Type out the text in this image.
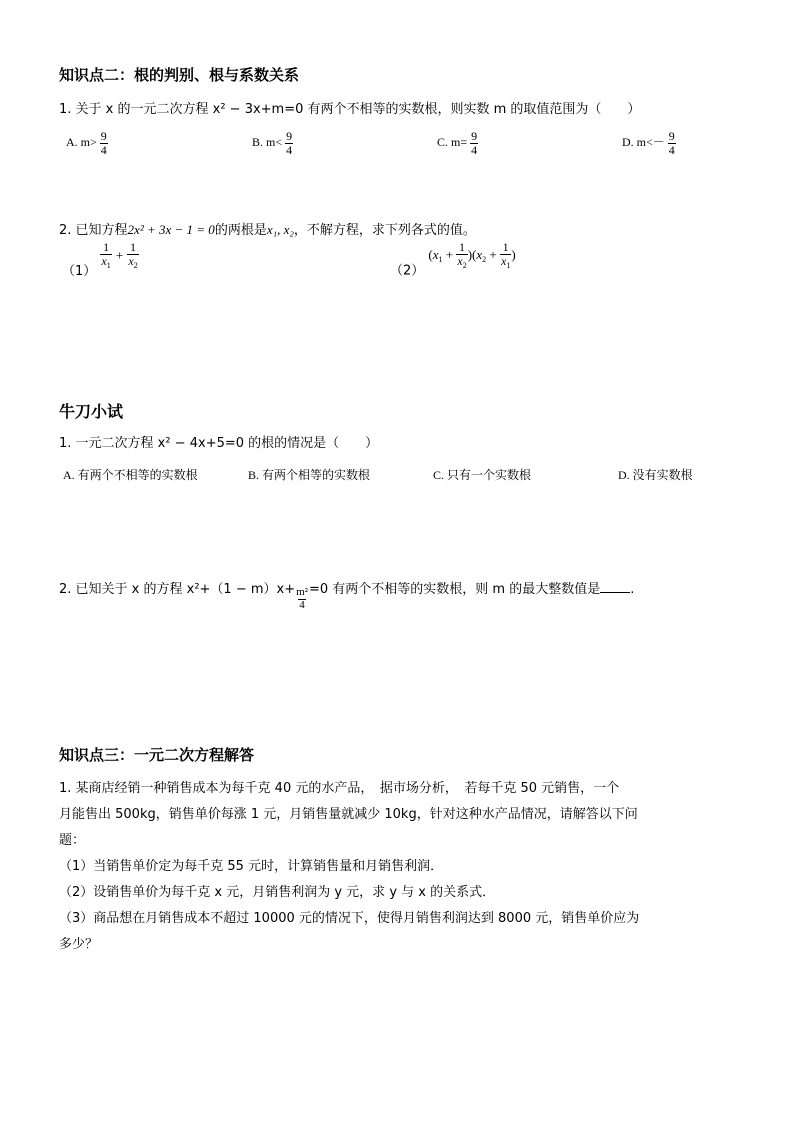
知识点二：根的判别、根与系数关系
1. 关于 x 的一元二次方程 x² − 3x+m=0 有两个不相等的实数根，则实数 m 的取值范围为（　　）
A. $m> \frac{9}{4}$	B. $m< \frac{9}{4}$	C. $m= \frac{9}{4}$	D. $m<- \frac{9}{4}$
2. 已知方程2x² + 3x − 1 = 0的两根是x₁, x₂，不解方程，求下列各式的值。
（1）
$\frac{1}{x_1} + \frac{1}{x_2}$
（2） $(x_1 + \frac{1}{x_2} )(x_2 + \frac{1}{x_1}$ )
牛刀小试
1. 一元二次方程 x² − 4x+5=0 的根的情况是（　　）
A. 有两个不相等的实数根	B. 有两个相等的实数根	C. 只有一个实数根	D. 没有实数根
2. 已知关于 x 的方程 $x^2+(1 - m)x+ \frac{\text{m²}}{4} =0$ 有两个不相等的实数根，则 m 的最大整数值是 .
知识点三：一元二次方程解答
1. 某商店经销一种销售成本为每千克 40 元的水产品，　据市场分析，　若每千克 50 元销售，一个
月能售出 500kg，销售单价每涨 1 元，月销售量就减少 10kg，针对这种水产品情况，请解答以下问
题：
（1）当销售单价定为每千克 55 元时，计算销售量和月销售利润．
（2）设销售单价为每千克 x 元，月销售利润为 y 元，求 y 与 x 的关系式．
（3）商品想在月销售成本不超过 10000 元的情况下，使得月销售利润达到 8000 元，销售单价应为
多少？
